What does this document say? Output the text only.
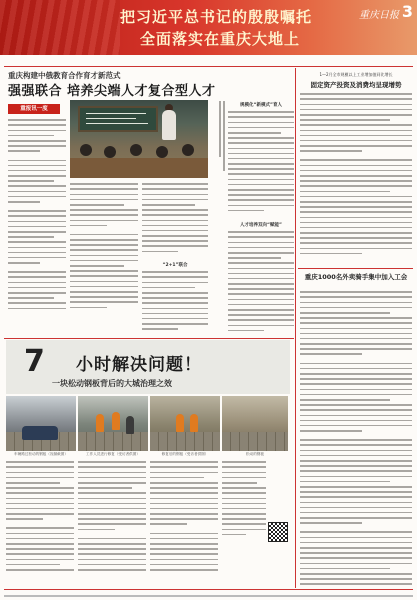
把习近平总书记的殷殷嘱托
全面落实在重庆大地上
重庆日报 3
重庆构建中俄教育合作育才新范式
强强联合 培养尖端人才复合型人才
重报讯一度

“2+1”联合
规模化“新模式”育人
人才培养双向“赋能”
7 小时解决问题！
一块松动钢板背后的大城治理之效
车辆路过松动的钢板（视频截图）	工作人员进行修复（受访者供图）	修复后的钢板（受访者供图）	松动的钢板
1—2月全市规模以上工业增加值同比增长
固定资产投资及消费均呈现增势
重庆1000名外卖骑手集中加入工会
